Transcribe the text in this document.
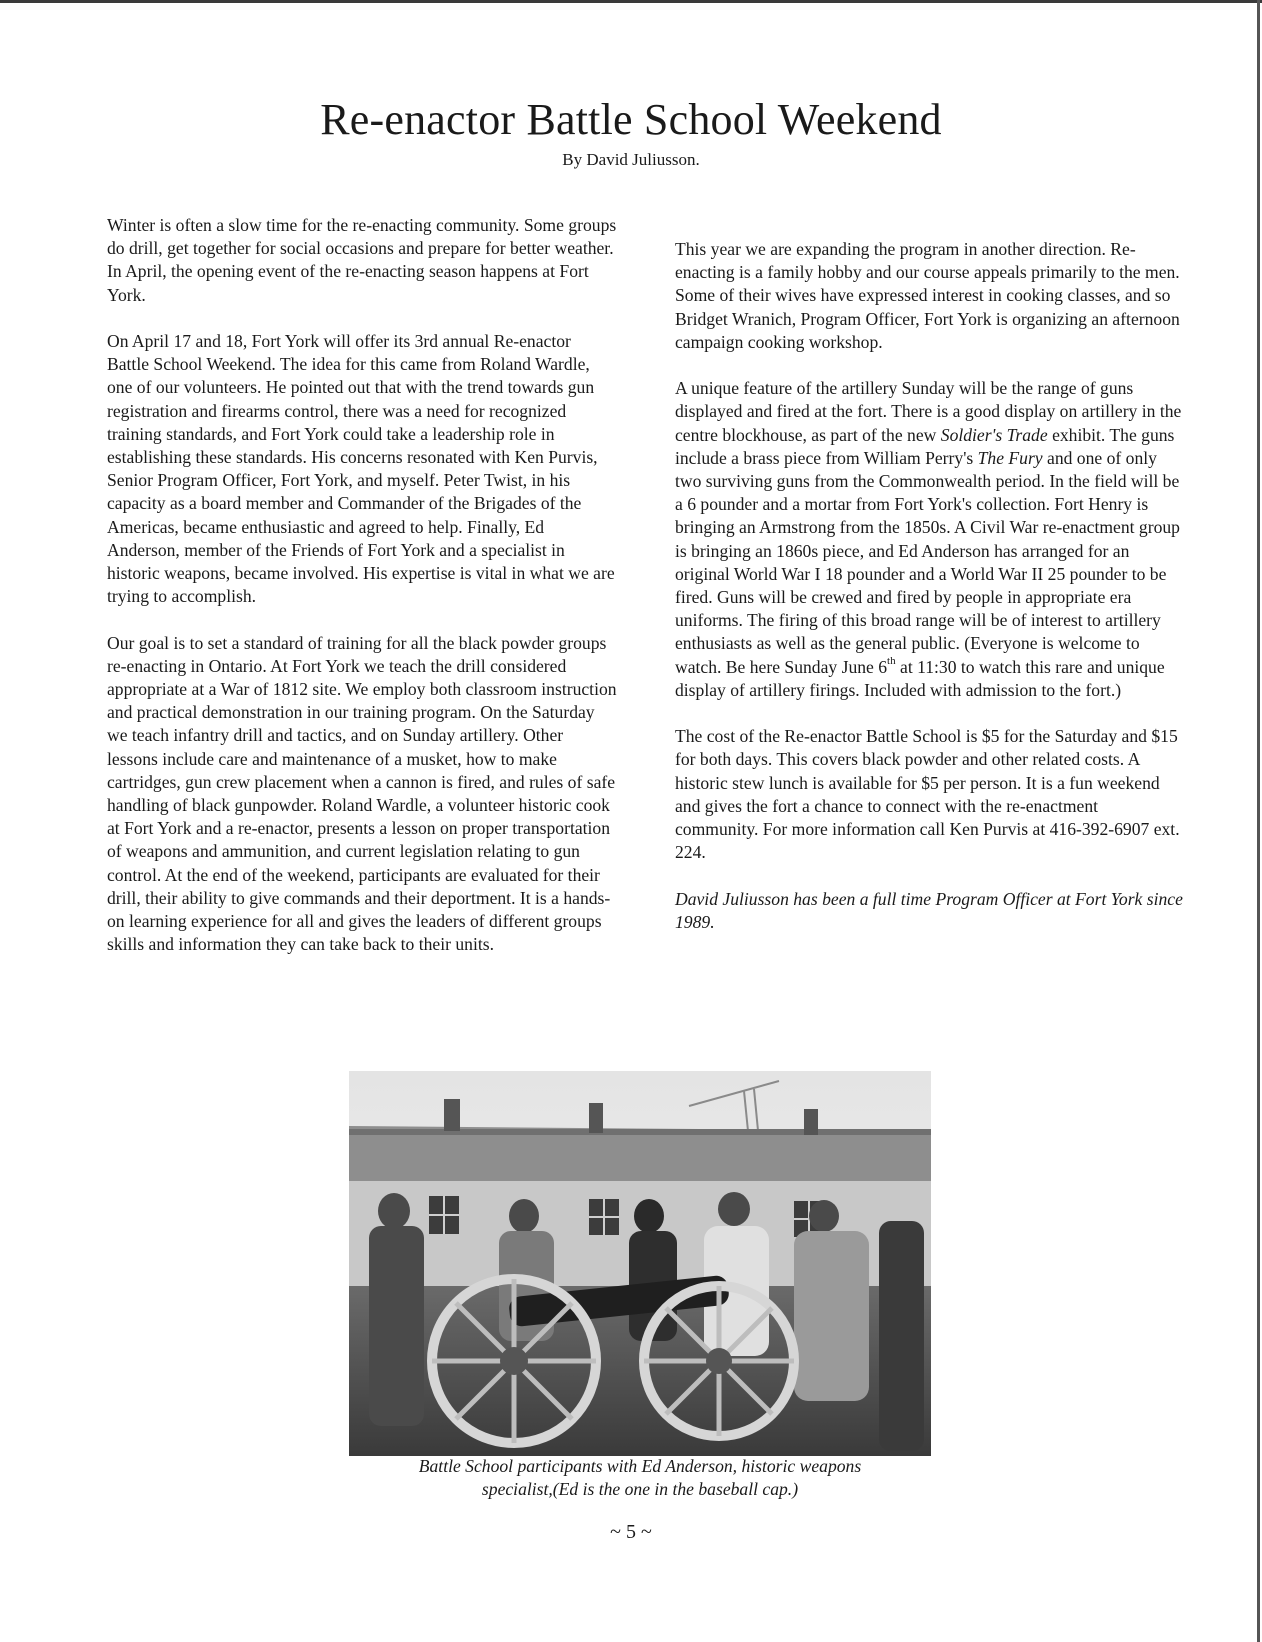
Re-enactor Battle School Weekend
By David Juliusson.

Winter is often a slow time for the re-enacting community. Some groups do drill, get together for social occasions and prepare for better weather. In April, the opening event of the re-enacting season happens at Fort York.

On April 17 and 18, Fort York will offer its 3rd annual Re-enactor Battle School Weekend. The idea for this came from Roland Wardle, one of our volunteers. He pointed out that with the trend towards gun registration and firearms control, there was a need for recognized training standards, and Fort York could take a leadership role in establishing these standards. His concerns resonated with Ken Purvis, Senior Program Officer, Fort York, and myself. Peter Twist, in his capacity as a board member and Commander of the Brigades of the Americas, became enthusiastic and agreed to help. Finally, Ed Anderson, member of the Friends of Fort York and a specialist in historic weapons, became involved. His expertise is vital in what we are trying to accomplish.

Our goal is to set a standard of training for all the black powder groups re-enacting in Ontario. At Fort York we teach the drill considered appropriate at a War of 1812 site. We employ both classroom instruction and practical demonstration in our training program. On the Saturday we teach infantry drill and tactics, and on Sunday artillery. Other lessons include care and maintenance of a musket, how to make cartridges, gun crew placement when a cannon is fired, and rules of safe handling of black gunpowder. Roland Wardle, a volunteer historic cook at Fort York and a re-enactor, presents a lesson on proper transportation of weapons and ammunition, and current legislation relating to gun control. At the end of the weekend, participants are evaluated for their drill, their ability to give commands and their deportment. It is a hands-on learning experience for all and gives the leaders of different groups skills and information they can take back to their units.

This year we are expanding the program in another direction. Re-enacting is a family hobby and our course appeals primarily to the men. Some of their wives have expressed interest in cooking classes, and so Bridget Wranich, Program Officer, Fort York is organizing an afternoon campaign cooking workshop.

A unique feature of the artillery Sunday will be the range of guns displayed and fired at the fort. There is a good display on artillery in the centre blockhouse, as part of the new Soldier's Trade exhibit. The guns include a brass piece from William Perry's The Fury and one of only two surviving guns from the Commonwealth period. In the field will be a 6 pounder and a mortar from Fort York's collection. Fort Henry is bringing an Armstrong from the 1850s. A Civil War re-enactment group is bringing an 1860s piece, and Ed Anderson has arranged for an original World War I 18 pounder and a World War II 25 pounder to be fired. Guns will be crewed and fired by people in appropriate era uniforms. The firing of this broad range will be of interest to artillery enthusiasts as well as the general public. (Everyone is welcome to watch. Be here Sunday June 6th at 11:30 to watch this rare and unique display of artillery firings. Included with admission to the fort.)

The cost of the Re-enactor Battle School is $5 for the Saturday and $15 for both days. This covers black powder and other related costs. A historic stew lunch is available for $5 per person. It is a fun weekend and gives the fort a chance to connect with the re-enactment community. For more information call Ken Purvis at 416-392-6907 ext. 224.

David Juliusson has been a full time Program Officer at Fort York since 1989.

Battle School participants with Ed Anderson, historic weapons
specialist,(Ed is the one in the baseball cap.)
~ 5 ~
